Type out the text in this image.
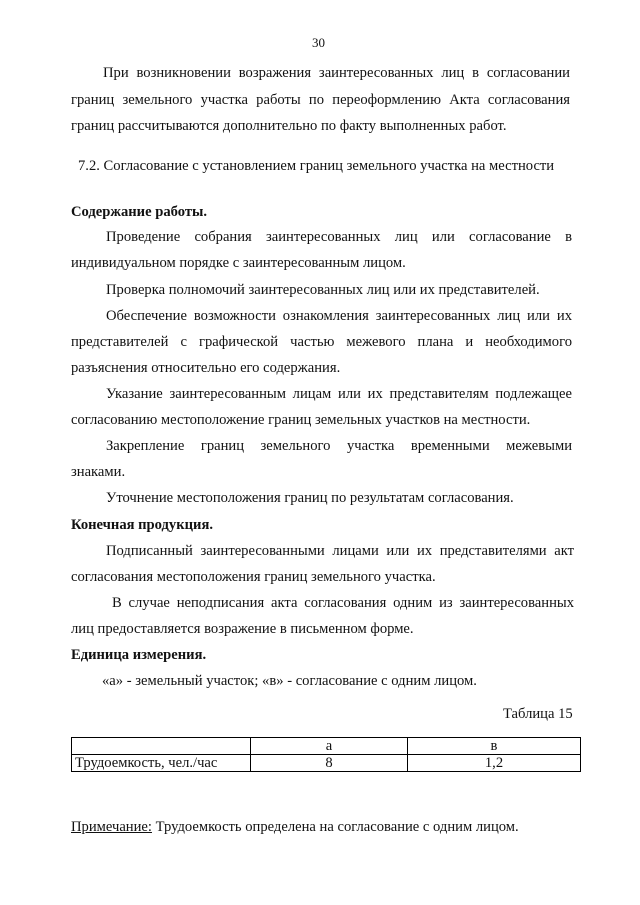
30
При возникновении возражения заинтересованных лиц в согласовании
границ земельного участка работы по переоформлению Акта согласования
границ рассчитываются дополнительно по факту выполненных работ.
7.2. Согласование с установлением границ земельного участка на местности
Содержание работы.
Проведение собрания заинтересованных лиц или согласование в
индивидуальном порядке с заинтересованным лицом.
Проверка полномочий заинтересованных лиц или их представителей.
Обеспечение возможности ознакомления заинтересованных лиц или их
представителей с графической частью межевого плана и необходимого
разъяснения относительно его содержания.
Указание заинтересованным лицам или их представителям подлежащее
согласованию местоположение границ земельных участков на местности.
Закрепление границ земельного участка временными межевыми
знаками.
Уточнение местоположения границ по результатам согласования.
Конечная продукция.
Подписанный заинтересованными лицами или их представителями акт
согласования местоположения границ земельного участка.
В случае неподписания акта согласования одним из заинтересованных
лиц предоставляется возражение в письменном форме.
Единица измерения.
«а» - земельный участок; «в» - согласование с одним лицом.
Таблица 15
	а	в
Трудоемкость, чел./час	8	1,2
Примечание: Трудоемкость определена на согласование с одним лицом.
